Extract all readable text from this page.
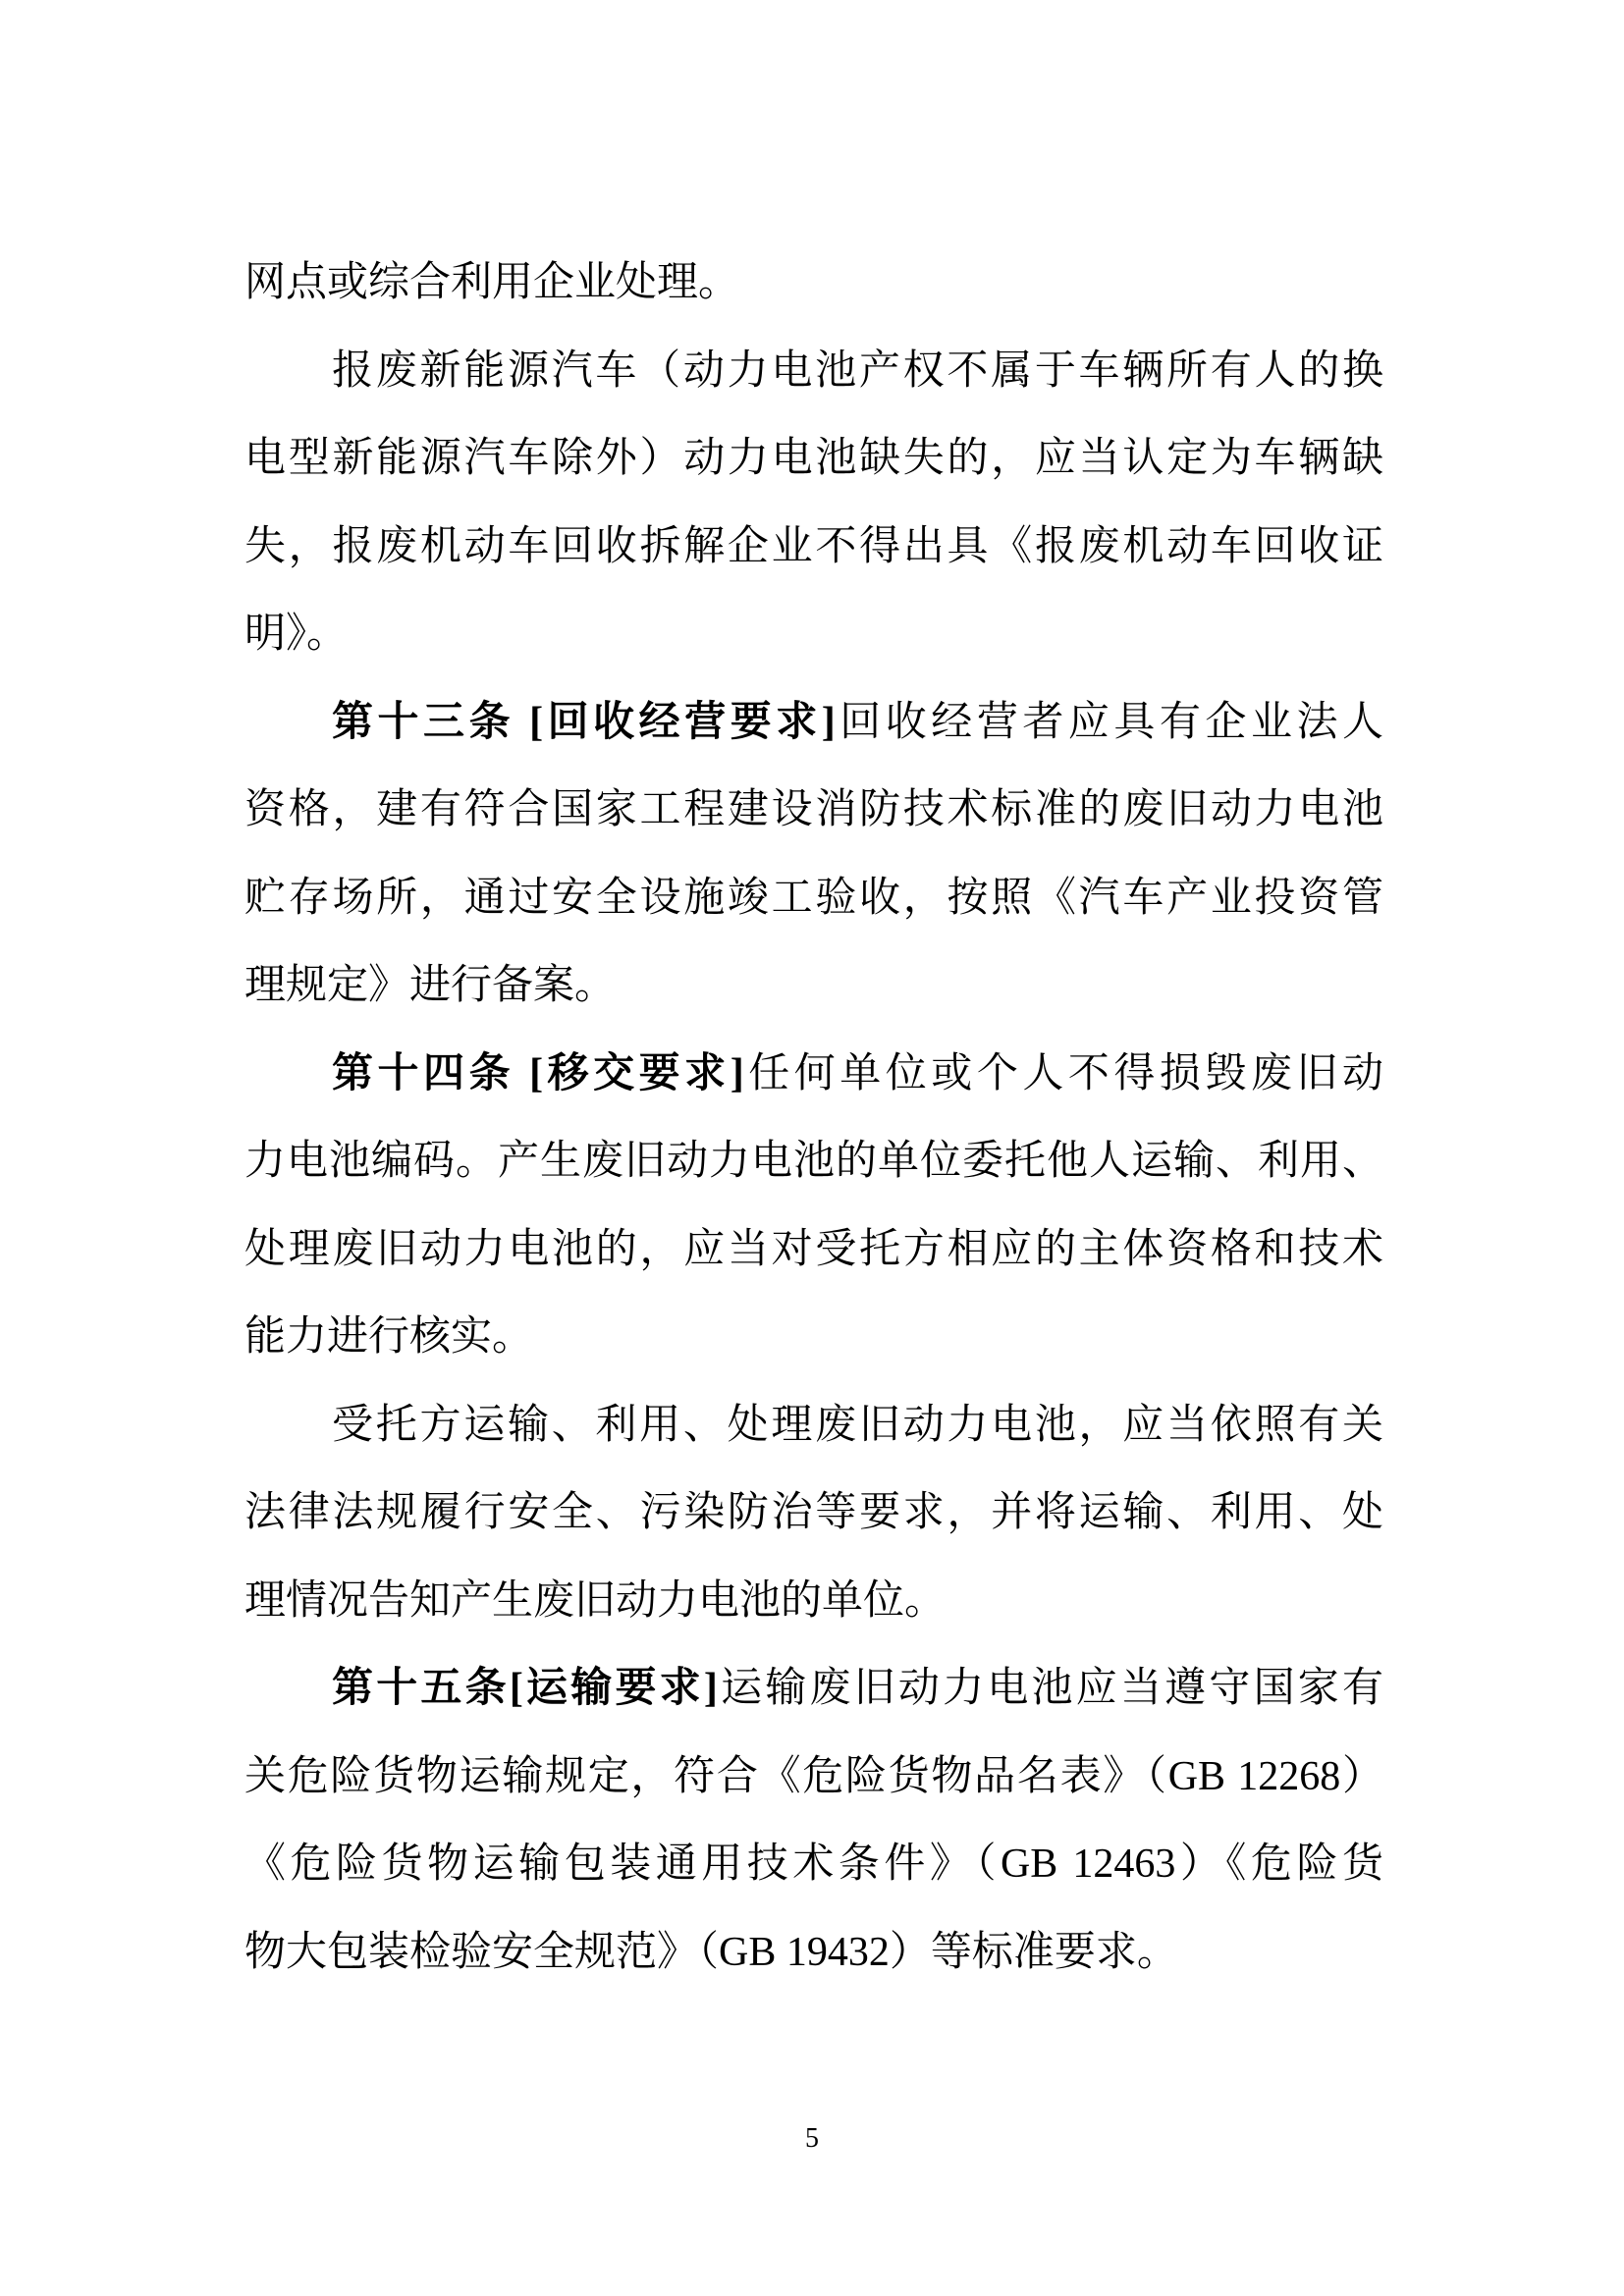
网点或综合利用企业处理。
报废新能源汽车（动力电池产权不属于车辆所有人的换
电型新能源汽车除外）动力电池缺失的，应当认定为车辆缺
失，报废机动车回收拆解企业不得出具《报废机动车回收证
明》。
第十三条 [回收经营要求]回收经营者应具有企业法人
资格，建有符合国家工程建设消防技术标准的废旧动力电池
贮存场所，通过安全设施竣工验收，按照《汽车产业投资管
理规定》进行备案。
第十四条 [移交要求]任何单位或个人不得损毁废旧动
力电池编码。产生废旧动力电池的单位委托他人运输、利用、
处理废旧动力电池的，应当对受托方相应的主体资格和技术
能力进行核实。
受托方运输、利用、处理废旧动力电池，应当依照有关
法律法规履行安全、污染防治等要求，并将运输、利用、处
理情况告知产生废旧动力电池的单位。
第十五条[运输要求]运输废旧动力电池应当遵守国家有
关危险货物运输规定，符合《危险货物品名表》（GB 12268）
《危险货物运输包装通用技术条件》（GB 12463）《危险货
物大包装检验安全规范》（GB 19432）等标准要求。
5
